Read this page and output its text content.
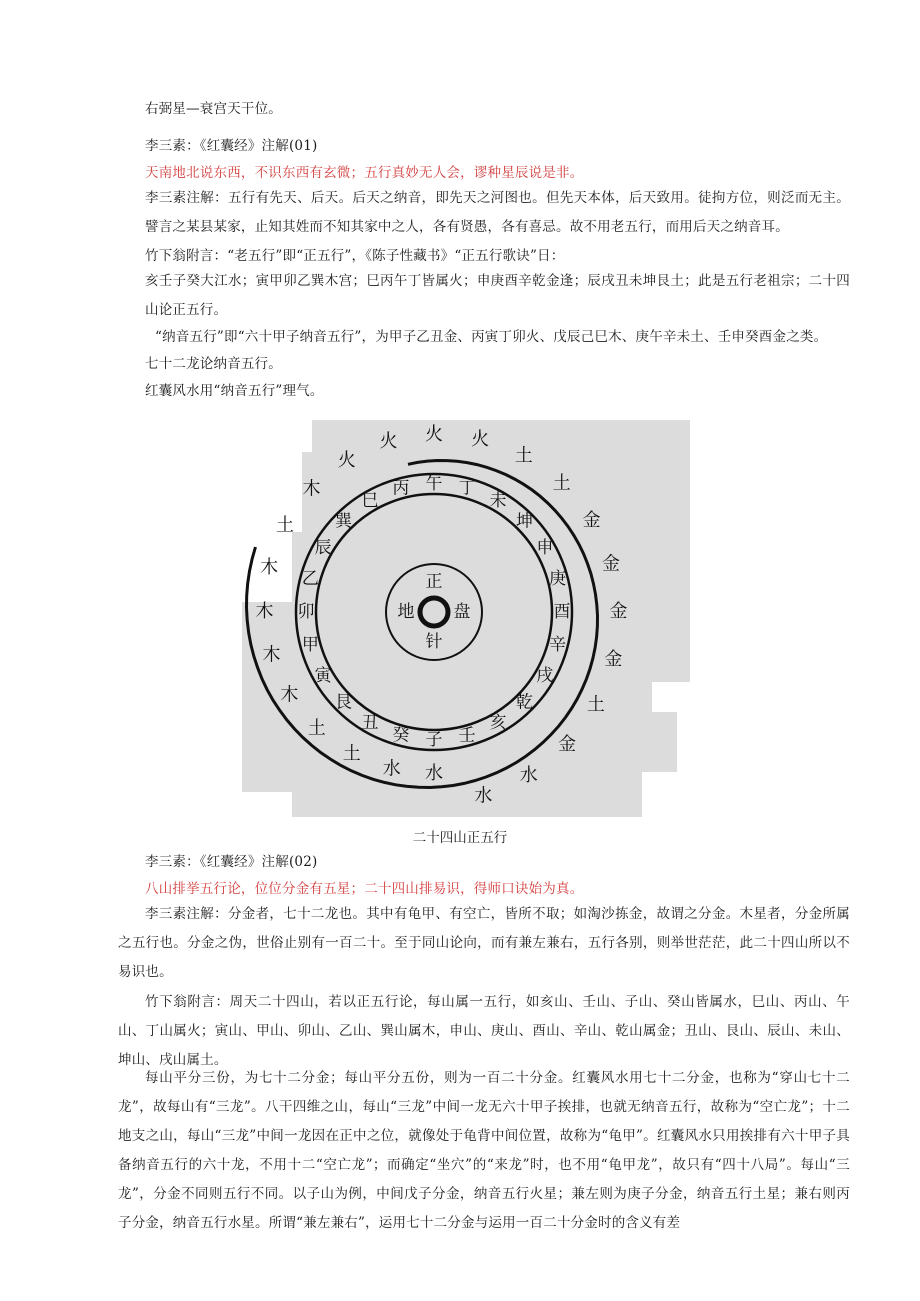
右弼星—衰宫天干位。
李三素：《红囊经》注解(01)
天南地北说东西，不识东西有玄微；五行真妙无人会，谬种星辰说是非。
李三素注解：五行有先天、后天。后天之纳音，即先天之河图也。但先天本体，后天致用。徒拘方位，则泛而无主。譬言之某县某家，止知其姓而不知其家中之人，各有贤愚，各有喜忌。故不用老五行，而用后天之纳音耳。
竹下翁附言：“老五行”即“正五行”，《陈子性藏书》“正五行歌诀”日：
亥壬子癸大江水；寅甲卯乙巽木宫；巳丙午丁皆属火；申庚酉辛乾金逢；辰戌丑未坤艮土；此是五行老祖宗；二十四山论正五行。
“纳音五行”即“六十甲子纳音五行”，为甲子乙丑金、丙寅丁卯火、戊辰己巳木、庚午辛未土、壬申癸酉金之类。
七十二龙论纳音五行。
红囊风水用“纳音五行”理气。
子
水
癸
水
丑
土
艮
土
寅
木
甲
木
卯
木
乙
木
辰
土 巽
木
巳
火
丙
火
午
火
丁
火
未
土
坤
土
申
金
庚
金
酉 金
辛
金
戌
土
乾
金
亥
水
壬
水
正
盘
针
地
二十四山正五行
李三素：《红囊经》注解(02)
八山排挙五行论，位位分金有五星；二十四山排易识，得师口诀始为真。
李三素注解：分金者，七十二龙也。其中有龟甲、有空亡，皆所不取；如淘沙拣金，故谓之分金。木星者，分金所属之五行也。分金之伪，世俗止别有一百二十。至于同山论向，而有兼左兼右，五行各别，则举世茫茫，此二十四山所以不易识也。
竹下翁附言：周天二十四山，若以正五行论，每山属一五行，如亥山、壬山、子山、癸山皆属水，巳山、丙山、午山、丁山属火；寅山、甲山、卯山、乙山、巽山属木，申山、庚山、酉山、辛山、乾山属金；丑山、艮山、辰山、未山、坤山、戌山属土。
每山平分三份，为七十二分金；每山平分五份，则为一百二十分金。红囊风水用七十二分金，也称为“穿山七十二龙”，故每山有“三龙”。八干四维之山，每山“三龙”中间一龙无六十甲子挨排，也就无纳音五行，故称为“空亡龙”；十二地支之山，每山“三龙”中间一龙因在正中之位，就像处于龟背中间位置，故称为“龟甲”。红囊风水只用挨排有六十甲子具备纳音五行的六十龙，不用十二“空亡龙”；而确定“坐穴”的“来龙”时，也不用“龟甲龙”，故只有“四十八局”。每山“三龙”，分金不同则五行不同。以子山为例，中间戊子分金，纳音五行火星；兼左则为庚子分金，纳音五行土星；兼右则丙子分金，纳音五行水星。所谓“兼左兼右”，运用七十二分金与运用一百二十分金时的含义有差
